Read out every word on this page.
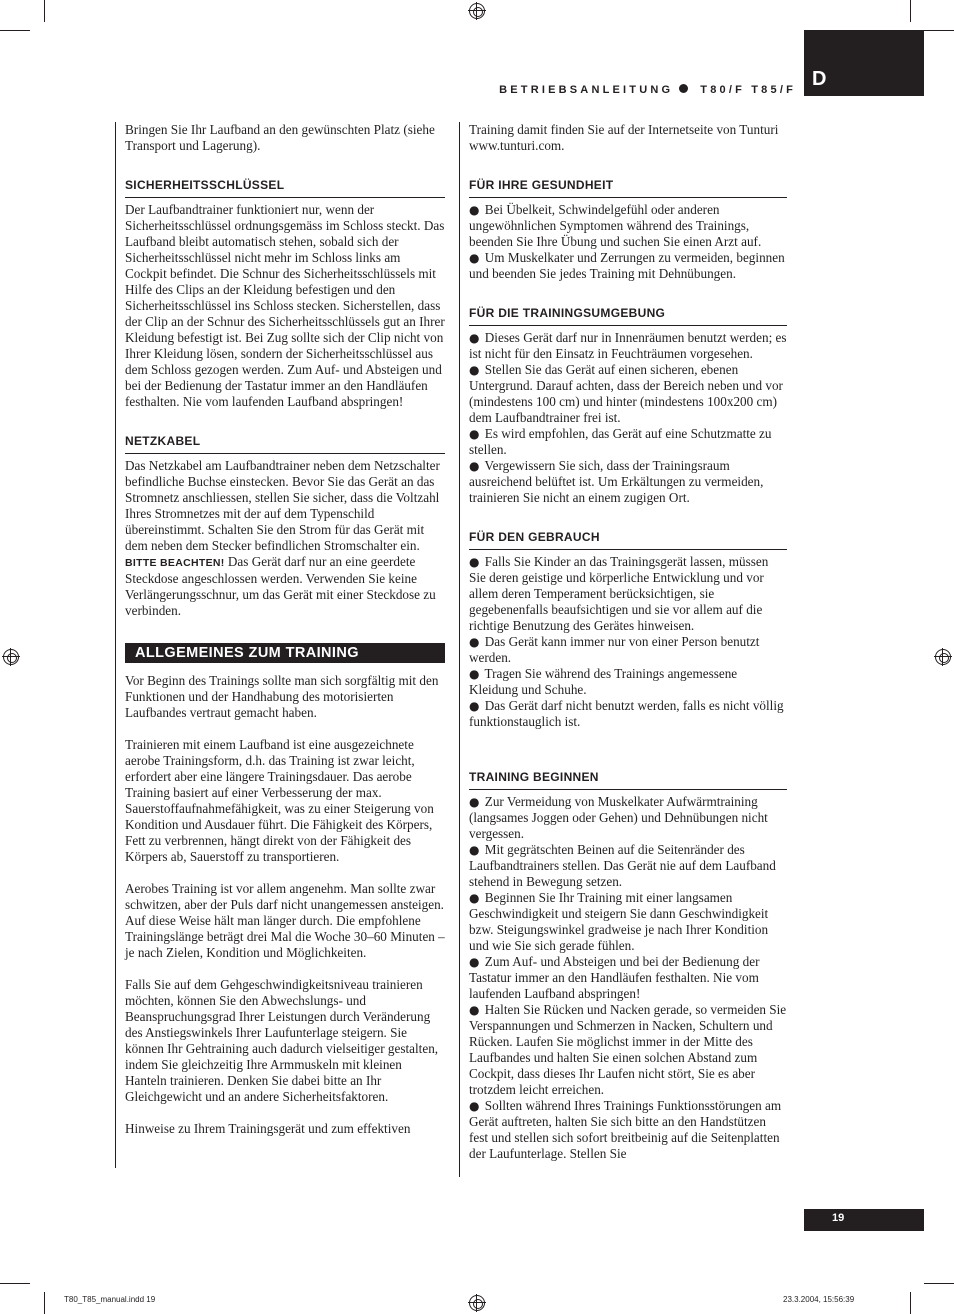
D
BETRIEBSANLEITUNG T80/F T85/F

Bringen Sie Ihr Laufband an den gewünschten Platz (siehe Transport und Lagerung).

SICHERHEITSSCHLÜSSEL

Der Laufbandtrainer funktioniert nur, wenn der Sicherheitsschlüssel ordnungsgemäss im Schloss steckt. Das Laufband bleibt automatisch stehen, sobald sich der Sicherheitsschlüssel nicht mehr im Schloss links am Cockpit befindet. Die Schnur des Sicherheitsschlüssels mit Hilfe des Clips an der Kleidung befestigen und den Sicherheitsschlüssel ins Schloss stecken. Sicherstellen, dass der Clip an der Schnur des Sicherheitsschlüssels gut an Ihrer Kleidung befestigt ist. Bei Zug sollte sich der Clip nicht von Ihrer Kleidung lösen, sondern der Sicherheitsschlüssel aus dem Schloss gezogen werden. Zum Auf- und Absteigen und bei der Bedienung der Tastatur immer an den Handläufen festhalten. Nie vom laufenden Laufband abspringen!

NETZKABEL

Das Netzkabel am Laufbandtrainer neben dem Netzschalter befindliche Buchse einstecken. Bevor Sie das Gerät an das Stromnetz anschliessen, stellen Sie sicher, dass die Voltzahl Ihres Stromnetzes mit der auf dem Typenschild übereinstimmt. Schalten Sie den Strom für das Gerät mit dem neben dem Stecker befindlichen Stromschalter ein. BITTE BEACHTEN! Das Gerät darf nur an eine geerdete Steckdose angeschlossen werden. Verwenden Sie keine Verlängerungsschnur, um das Gerät mit einer Steckdose zu verbinden.

ALLGEMEINES ZUM TRAINING

Vor Beginn des Trainings sollte man sich sorgfältig mit den Funktionen und der Handhabung des motorisierten Laufbandes vertraut gemacht haben.

Trainieren mit einem Laufband ist eine ausgezeichnete aerobe Trainingsform, d.h. das Training ist zwar leicht, erfordert aber eine längere Trainingsdauer. Das aerobe Training basiert auf einer Verbesserung der max. Sauerstoffaufnahmefähigkeit, was zu einer Steigerung von Kondition und Ausdauer führt. Die Fähigkeit des Körpers, Fett zu verbrennen, hängt direkt von der Fähigkeit des Körpers ab, Sauerstoff zu transportieren.

Aerobes Training ist vor allem angenehm. Man sollte zwar schwitzen, aber der Puls darf nicht unangemessen ansteigen. Auf diese Weise hält man länger durch. Die empfohlene Trainingslänge beträgt drei Mal die Woche 30–60 Minuten – je nach Zielen, Kondition und Möglichkeiten.

Falls Sie auf dem Gehgeschwindigkeitsniveau trainieren möchten, können Sie den Abwechslungs- und Beanspruchungsgrad Ihrer Leistungen durch Veränderung des Anstiegswinkels Ihrer Laufunterlage steigern. Sie können Ihr Gehtraining auch dadurch vielseitiger gestalten, indem Sie gleichzeitig Ihre Armmuskeln mit kleinen Hanteln trainieren. Denken Sie dabei bitte an Ihr Gleichgewicht und an andere Sicherheitsfaktoren.

Hinweise zu Ihrem Trainingsgerät und zum effektiven

Training damit finden Sie auf der Internetseite von Tunturi www.tunturi.com.

FÜR IHRE GESUNDHEIT

● Bei Übelkeit, Schwindelgefühl oder anderen ungewöhnlichen Symptomen während des Trainings, beenden Sie Ihre Übung und suchen Sie einen Arzt auf.

● Um Muskelkater und Zerrungen zu vermeiden, beginnen und beenden Sie jedes Training mit Dehnübungen.

FÜR DIE TRAININGSUMGEBUNG

● Dieses Gerät darf nur in Innenräumen benutzt werden; es ist nicht für den Einsatz in Feuchträumen vorgesehen.

● Stellen Sie das Gerät auf einen sicheren, ebenen Untergrund. Darauf achten, dass der Bereich neben und vor (mindestens 100 cm) und hinter (mindestens 100x200 cm) dem Laufbandtrainer frei ist.

● Es wird empfohlen, das Gerät auf eine Schutzmatte zu stellen.

● Vergewissern Sie sich, dass der Trainingsraum ausreichend belüftet ist. Um Erkältungen zu vermeiden, trainieren Sie nicht an einem zugigen Ort.

FÜR DEN GEBRAUCH

● Falls Sie Kinder an das Trainingsgerät lassen, müssen Sie deren geistige und körperliche Entwicklung und vor allem deren Temperament berücksichtigen, sie gegebenenfalls beaufsichtigen und sie vor allem auf die richtige Benutzung des Gerätes hinweisen.

● Das Gerät kann immer nur von einer Person benutzt werden.

● Tragen Sie während des Trainings angemessene Kleidung und Schuhe.

● Das Gerät darf nicht benutzt werden, falls es nicht völlig funktionstauglich ist.

TRAINING BEGINNEN

● Zur Vermeidung von Muskelkater Aufwärmtraining (langsames Joggen oder Gehen) und Dehnübungen nicht vergessen.

● Mit gegrätschten Beinen auf die Seitenränder des Laufbandtrainers stellen. Das Gerät nie auf dem Laufband stehend in Bewegung setzen.

● Beginnen Sie Ihr Training mit einer langsamen Geschwindigkeit und steigern Sie dann Geschwindigkeit bzw. Steigungswinkel gradweise je nach Ihrer Kondition und wie Sie sich gerade fühlen.

● Zum Auf- und Absteigen und bei der Bedienung der Tastatur immer an den Handläufen festhalten. Nie vom laufenden Laufband abspringen!

● Halten Sie Rücken und Nacken gerade, so vermeiden Sie Verspannungen und Schmerzen in Nacken, Schultern und Rücken. Laufen Sie möglichst immer in der Mitte des Laufbandes und halten Sie einen solchen Abstand zum Cockpit, dass dieses Ihr Laufen nicht stört, Sie es aber trotzdem leicht erreichen.

● Sollten während Ihres Trainings Funktionsstörungen am Gerät auftreten, halten Sie sich bitte an den Handstützen fest und stellen sich sofort breitbeinig auf die Seitenplatten der Laufunterlage. Stellen Sie

19
T80_T85_manual.indd 19	23.3.2004, 15:56:39
